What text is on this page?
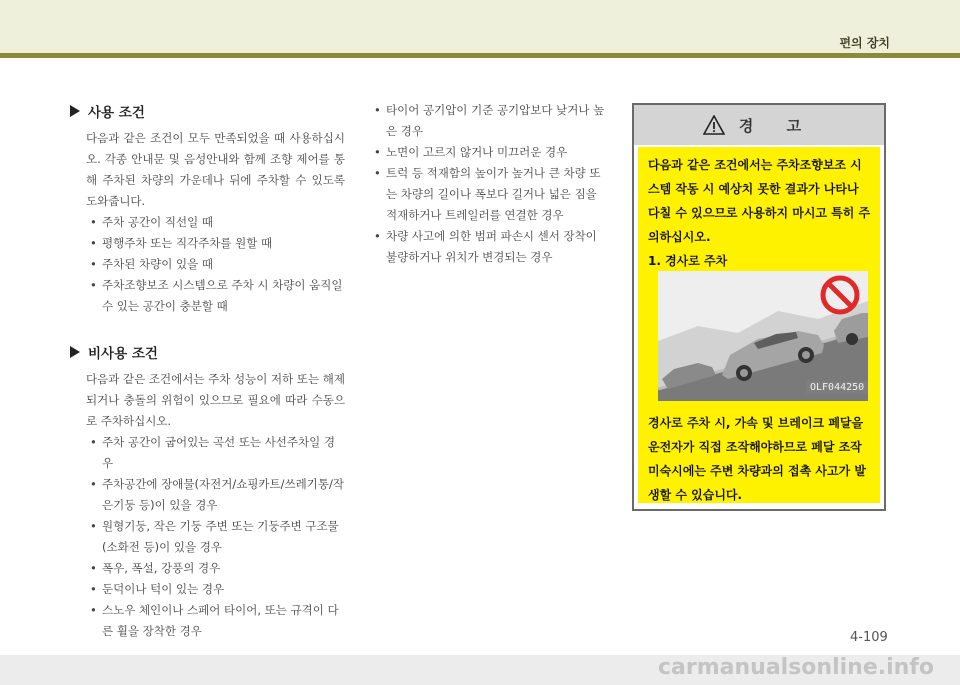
편의 장치
사용 조건

다음과 같은 조건이 모두 만족되었을 때 사용하십시오. 각종 안내문 및 음성안내와 함께 조향 제어를 통해 주차된 차량의 가운데나 뒤에 주차할 수 있도록 도와줍니다.

• 주차 공간이 직선일 때
• 평행주차 또는 직각주차를 원할 때
• 주차된 차량이 있을 때
• 주차조향보조 시스템으로 주차 시 차량이 움직일 수 있는 공간이 충분할 때
비사용 조건

다음과 같은 조건에서는 주차 성능이 저하 또는 해제되거나 충돌의 위험이 있으므로 필요에 따라 수동으로 주차하십시오.

• 주차 공간이 굽어있는 곡선 또는 사선주차일 경우
• 주차공간에 장애물(자전거/쇼핑카트/쓰레기통/작은기둥 등)이 있을 경우
• 원형기둥, 작은 기둥 주변 또는 기둥주변 구조물(소화전 등)이 있을 경우
• 폭우, 폭설, 강풍의 경우
• 둔덕이나 턱이 있는 경우
• 스노우 체인이나 스페어 타이어, 또는 규격이 다른 휠을 장착한 경우
• 타이어 공기압이 기준 공기압보다 낮거나 높은 경우
• 노면이 고르지 않거나 미끄러운 경우
• 트럭 등 적재함의 높이가 높거나 큰 차량 또는 차량의 길이나 폭보다 길거나 넓은 짐을 적재하거나 트레일러를 연결한 경우
• 차량 사고에 의한 범퍼 파손시 센서 장착이 불량하거나 위치가 변경되는 경우
경 고
다음과 같은 조건에서는 주차조향보조 시스템 작동 시 예상치 못한 결과가 나타나 다칠 수 있으므로 사용하지 마시고 특히 주의하십시오.
1. 경사로 주차
OLF044250
경사로 주차 시, 가속 및 브레이크 페달을 운전자가 직접 조작해야하므로 페달 조작 미숙시에는 주변 차량과의 접촉 사고가 발생할 수 있습니다.
4-109
carmanualsonline.info
